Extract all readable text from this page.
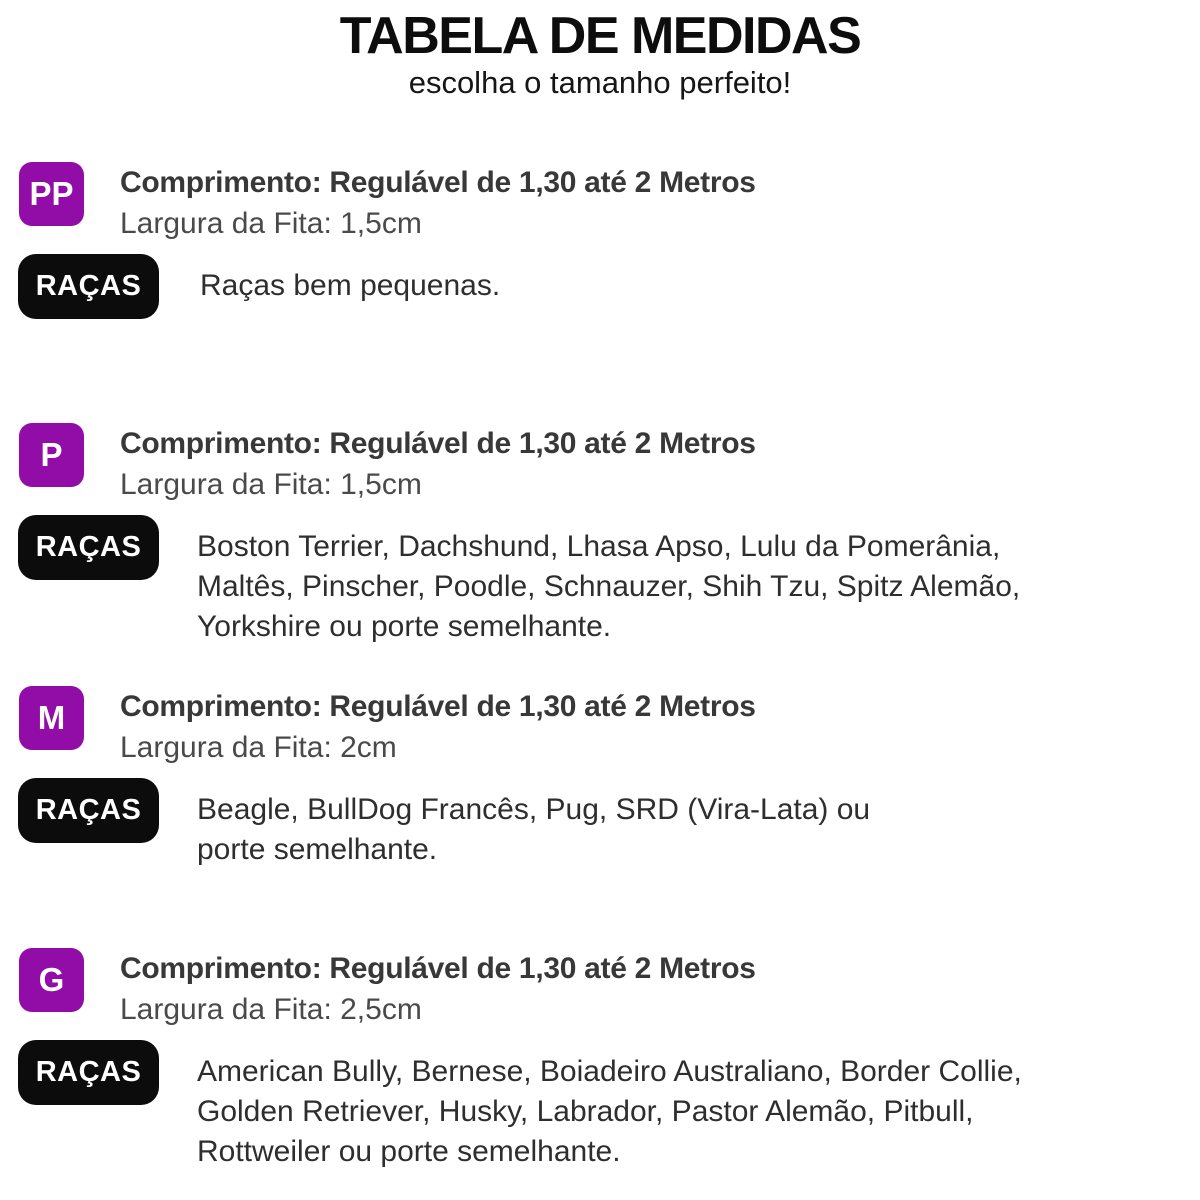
TABELA DE MEDIDAS

escolha o tamanho perfeito!

PP Comprimento: Regulável de 1,30 até 2 Metros
Largura da Fita: 1,5cm
RAÇAS Raças bem pequenas.
P Comprimento: Regulável de 1,30 até 2 Metros
Largura da Fita: 1,5cm
RAÇAS Boston Terrier, Dachshund, Lhasa Apso, Lulu da Pomerânia,
Maltês, Pinscher, Poodle, Schnauzer, Shih Tzu, Spitz Alemão,
Yorkshire ou porte semelhante.
M Comprimento: Regulável de 1,30 até 2 Metros
Largura da Fita: 2cm
RAÇAS Beagle, BullDog Francês, Pug, SRD (Vira-Lata) ou
porte semelhante.
G Comprimento: Regulável de 1,30 até 2 Metros
Largura da Fita: 2,5cm
RAÇAS American Bully, Bernese, Boiadeiro Australiano, Border Collie,
Golden Retriever, Husky, Labrador, Pastor Alemão, Pitbull,
Rottweiler ou porte semelhante.
